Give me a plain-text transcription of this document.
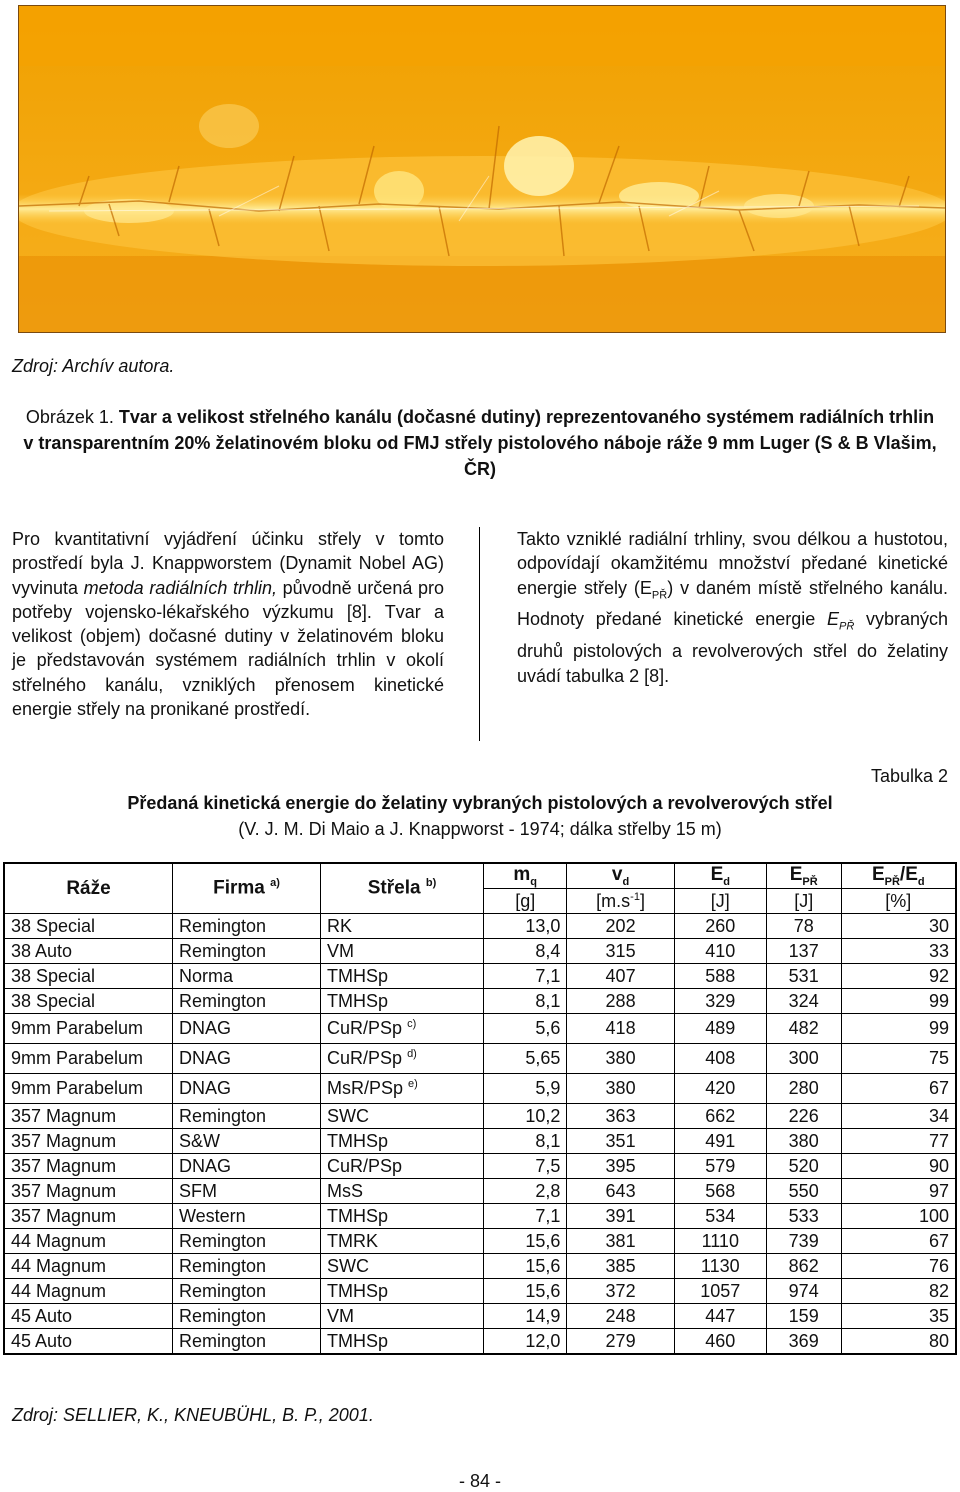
Zdroj: Archív autora.
Obrázek 1. Tvar a velikost střelného kanálu (dočasné dutiny) reprezentovaného systémem radiálních trhlin v transparentním 20% želatinovém bloku od FMJ střely pistolového náboje ráže 9 mm Luger (S & B Vlašim, ČR)
Pro kvantitativní vyjádření účinku střely v tomto prostředí byla J. Knappworstem (Dynamit Nobel AG) vyvinuta metoda radiálních trhlin, původně určená pro potřeby vojensko-lékařského výzkumu [8]. Tvar a velikost (objem) dočasné dutiny v želatinovém bloku je představován systémem radiálních trhlin v okolí střelného kanálu, vzniklých přenosem kinetické energie střely na pronikané prostředí.
Takto vzniklé radiální trhliny, svou délkou a hustotou, odpovídají okamžitému množství předané kinetické energie střely $(E_{PŘ})$ v daném místě střelného kanálu. Hodnoty předané kinetické energie $E_{PŘ}$ vybraných druhů pistolových a revolverových střel do želatiny uvádí tabulka 2 [8].
Tabulka 2
Předaná kinetická energie do želatiny vybraných pistolových a revolverových střel
(V. J. M. Di Maio a J. Knappworst - 1974; dálka střelby 15 m)
Ráže	Firma $^{a)}$	Střela $^{b)}$	$m_q$	$v_d$	$E_d$	$E_{PŘ}$	$E_{PŘ}/E_d$
			[g]	$[m.s^{-1}]$	[J]	[J]	[%]
38 Special	Remington	RK	13,0	202	260	78	30
38 Auto	Remington	VM	8,4	315	410	137	33
38 Special	Norma	TMHSp	7,1	407	588	531	92
38 Special	Remington	TMHSp	8,1	288	329	324	99
9mm Parabelum	DNAG	CuR/PSp $^{c)}$	5,6	418	489	482	99
9mm Parabelum	DNAG	CuR/PSp $^{d)}$	5,65	380	408	300	75
9mm Parabelum	DNAG	MsR/PSp $^{e)}$	5,9	380	420	280	67
357 Magnum	Remington	SWC	10,2	363	662	226	34
357 Magnum	S&W	TMHSp	8,1	351	491	380	77
357 Magnum	DNAG	CuR/PSp	7,5	395	579	520	90
357 Magnum	SFM	MsS	2,8	643	568	550	97
357 Magnum	Western	TMHSp	7,1	391	534	533	100
44 Magnum	Remington	TMRK	15,6	381	1110	739	67
44 Magnum	Remington	SWC	15,6	385	1130	862	76
44 Magnum	Remington	TMHSp	15,6	372	1057	974	82
45 Auto	Remington	VM	14,9	248	447	159	35
45 Auto	Remington	TMHSp	12,0	279	460	369	80
Zdroj: SELLIER, K., KNEUBÜHL, B. P., 2001.
- 84 -
